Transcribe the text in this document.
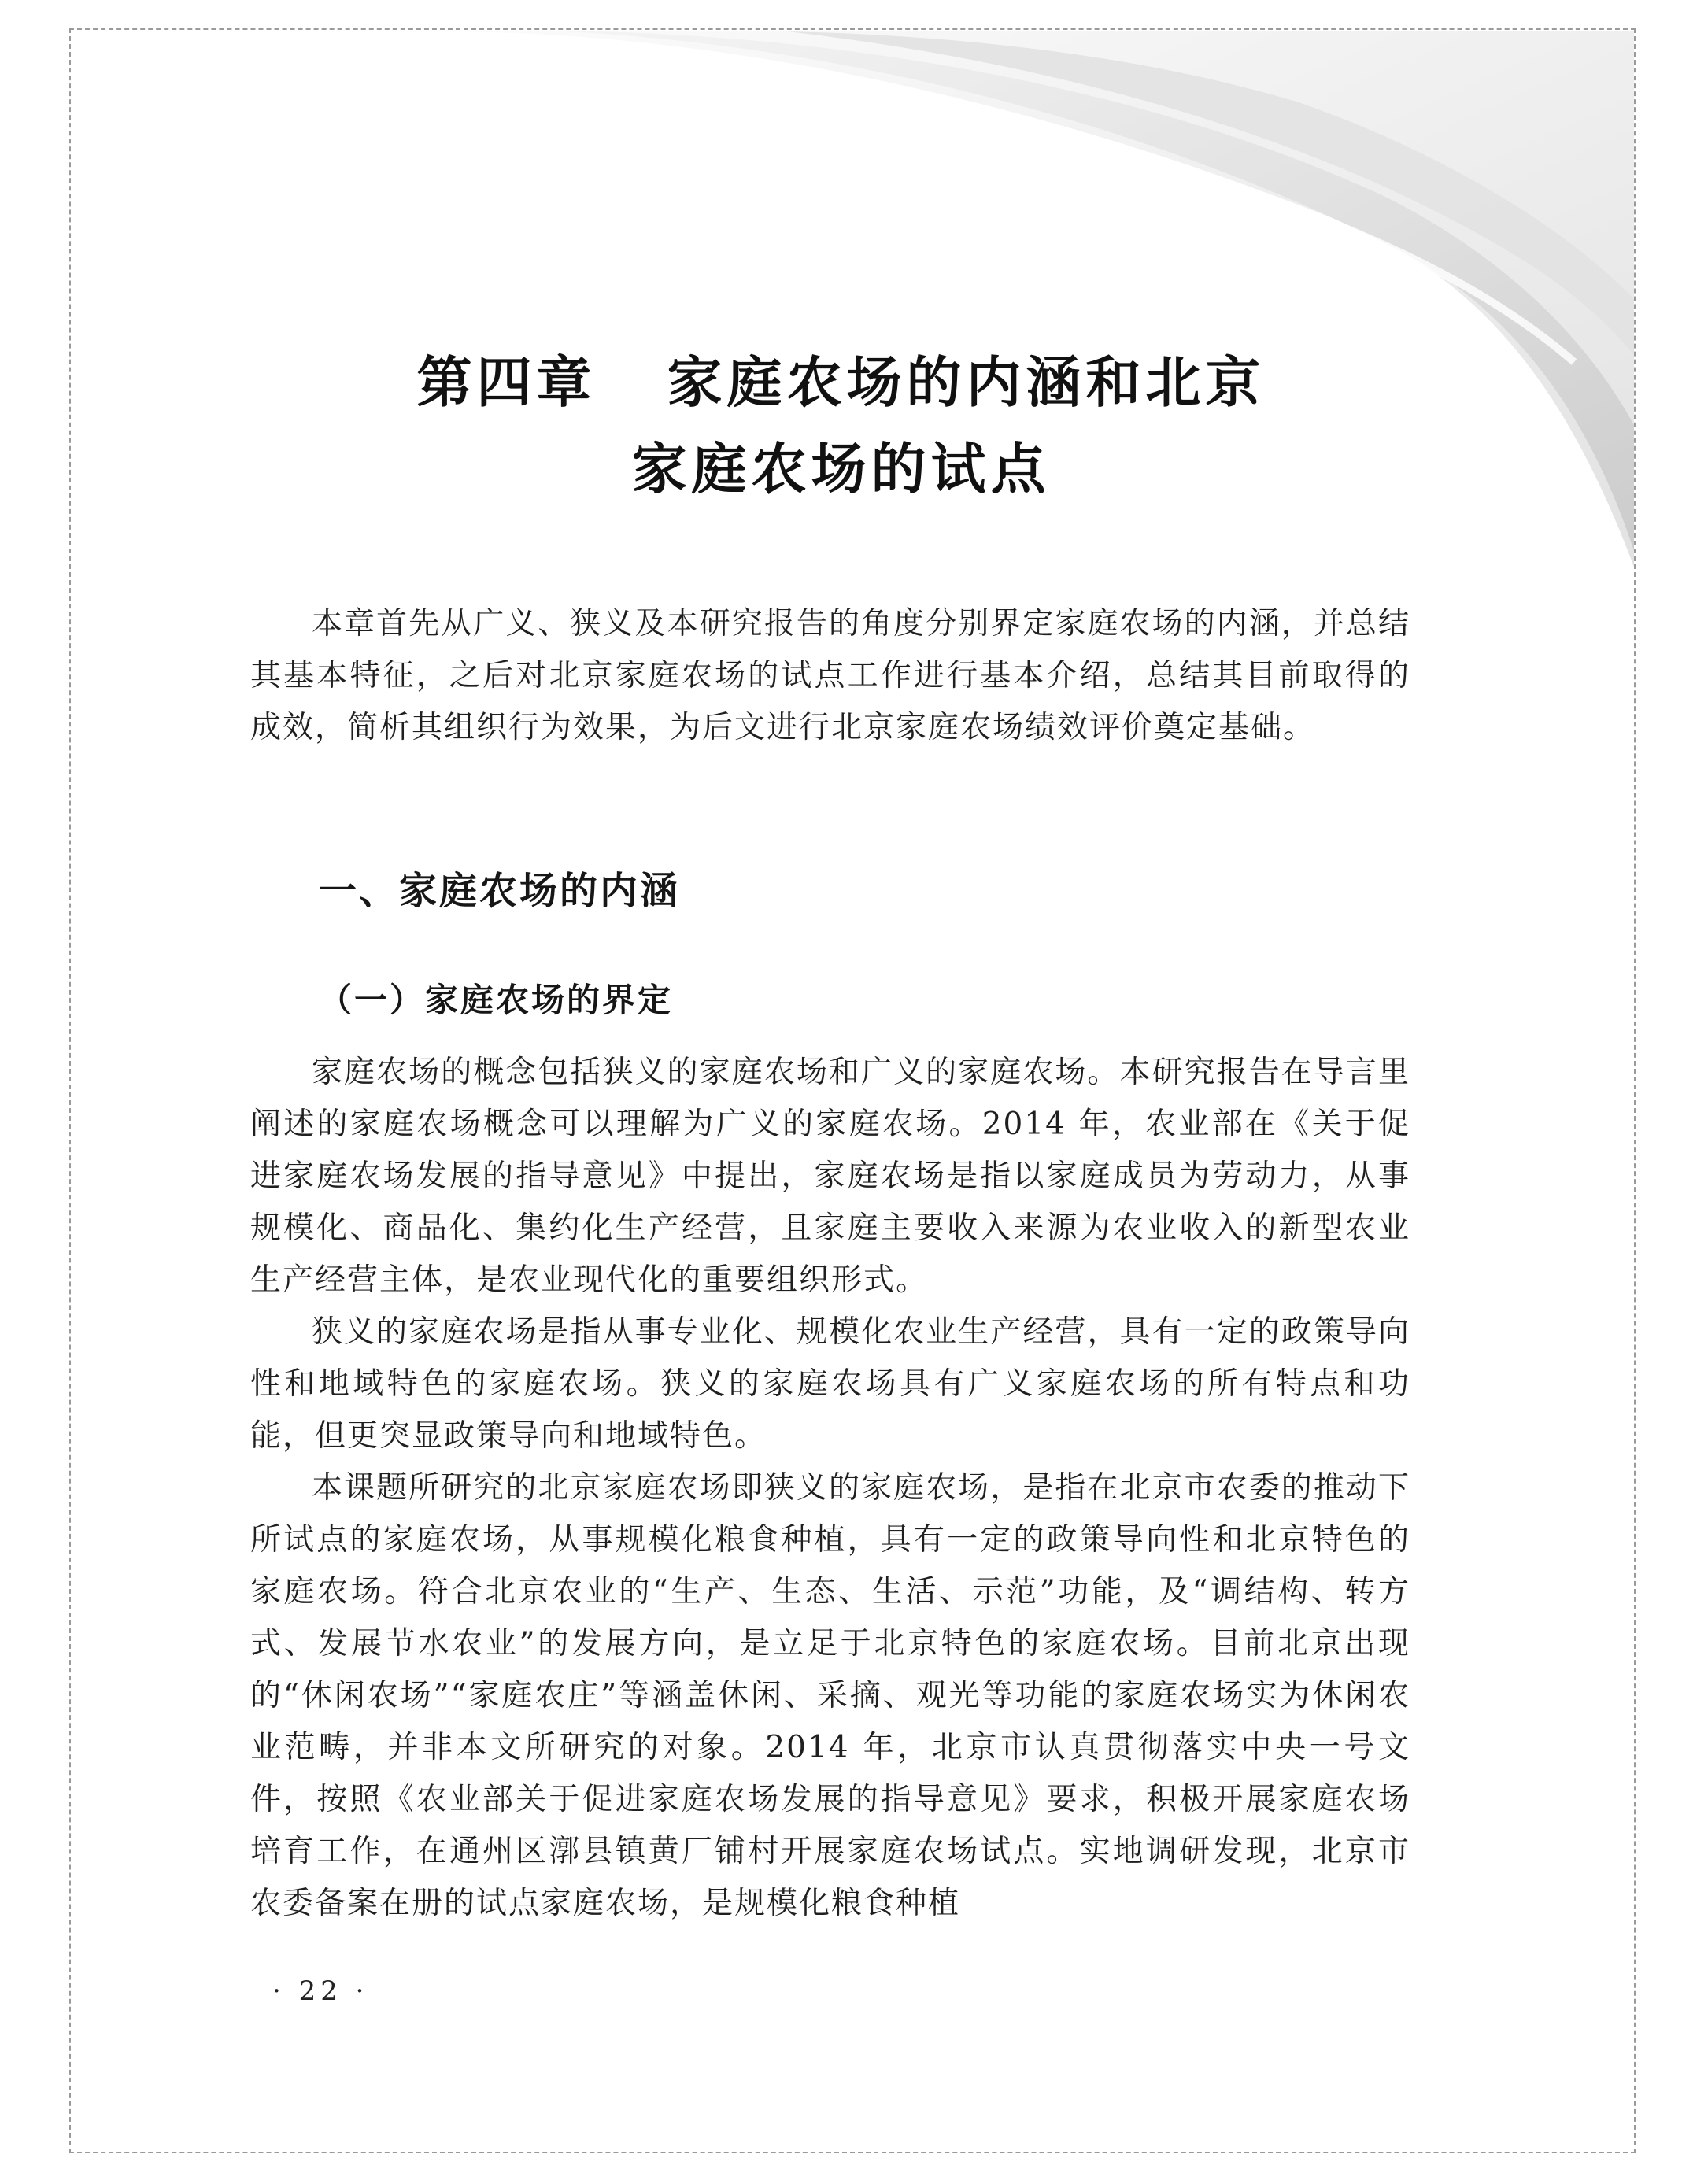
第四章 家庭农场的内涵和北京
家庭农场的试点

本章首先从广义、狭义及本研究报告的角度分别界定家庭农场的内涵，并总结其基本特征，之后对北京家庭农场的试点工作进行基本介绍，总结其目前取得的成效，简析其组织行为效果，为后文进行北京家庭农场绩效评价奠定基础。

一、家庭农场的内涵
（一）家庭农场的界定

家庭农场的概念包括狭义的家庭农场和广义的家庭农场。本研究报告在导言里阐述的家庭农场概念可以理解为广义的家庭农场。2014 年，农业部在《关于促进家庭农场发展的指导意见》中提出，家庭农场是指以家庭成员为劳动力，从事规模化、商品化、集约化生产经营，且家庭主要收入来源为农业收入的新型农业生产经营主体，是农业现代化的重要组织形式。

狭义的家庭农场是指从事专业化、规模化农业生产经营，具有一定的政策导向性和地域特色的家庭农场。狭义的家庭农场具有广义家庭农场的所有特点和功能，但更突显政策导向和地域特色。

本课题所研究的北京家庭农场即狭义的家庭农场，是指在北京市农委的推动下所试点的家庭农场，从事规模化粮食种植，具有一定的政策导向性和北京特色的家庭农场。符合北京农业的“生产、生态、生活、示范”功能，及“调结构、转方式、发展节水农业”的发展方向，是立足于北京特色的家庭农场。目前北京出现的“休闲农场”“家庭农庄”等涵盖休闲、采摘、观光等功能的家庭农场实为休闲农业范畴，并非本文所研究的对象。2014 年，北京市认真贯彻落实中央一号文件，按照《农业部关于促进家庭农场发展的指导意见》要求，积极开展家庭农场培育工作，在通州区漷县镇黄厂铺村开展家庭农场试点。实地调研发现，北京市农委备案在册的试点家庭农场，是规模化粮食种植

· 22 ·
